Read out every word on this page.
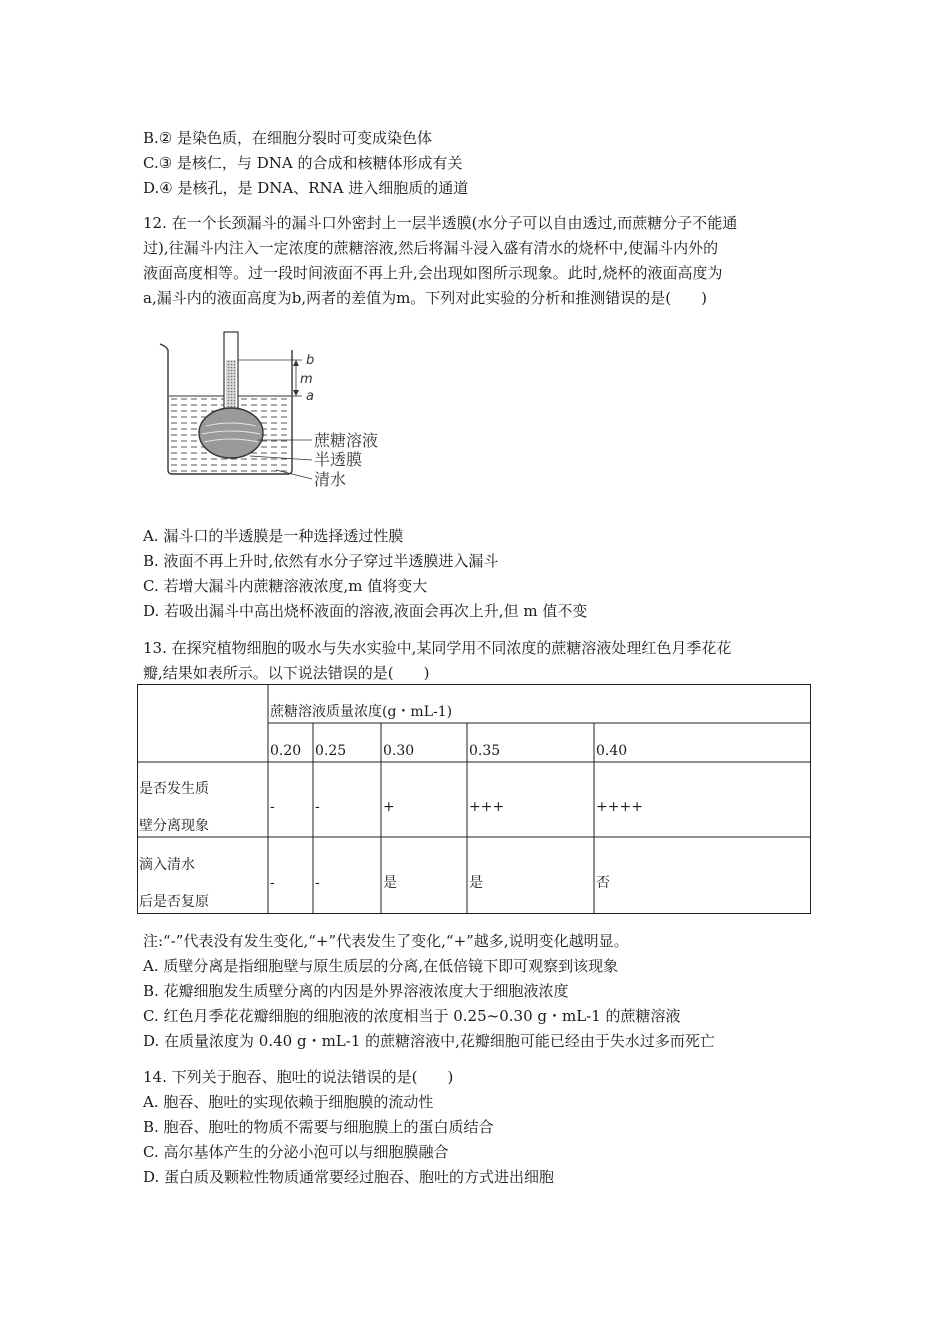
B.② 是染色质，在细胞分裂时可变成染色体
C.③ 是核仁，与 DNA 的合成和核糖体形成有关
D.④ 是核孔，是 DNA、RNA 进入细胞质的通道
12. 在一个长颈漏斗的漏斗口外密封上一层半透膜(水分子可以自由透过,而蔗糖分子不能通
过),往漏斗内注入一定浓度的蔗糖溶液,然后将漏斗浸入盛有清水的烧杯中,使漏斗内外的
液面高度相等。过一段时间液面不再上升,会出现如图所示现象。此时,烧杯的液面高度为
a,漏斗内的液面高度为b,两者的差值为m。下列对此实验的分析和推测错误的是(　　)
b
m
a
蔗糖溶液
半透膜
清水
A. 漏斗口的半透膜是一种选择透过性膜
B. 液面不再上升时,依然有水分子穿过半透膜进入漏斗
C. 若增大漏斗内蔗糖溶液浓度,m 值将变大
D. 若吸出漏斗中高出烧杯液面的溶液,液面会再次上升,但 m 值不变
13. 在探究植物细胞的吸水与失水实验中,某同学用不同浓度的蔗糖溶液处理红色月季花花
瓣,结果如表所示。以下说法错误的是(　　)
蔗糖溶液质量浓度(g・mL-1)
0.20 0.25	0.30	0.35	0.40
是否发生质
壁分离现象
-	-	+	+++	++++
滴入清水
后是否复原
-	-	是	是	否
注:“-”代表没有发生变化,“+”代表发生了变化,“+”越多,说明变化越明显。
A. 质壁分离是指细胞壁与原生质层的分离,在低倍镜下即可观察到该现象
B. 花瓣细胞发生质壁分离的内因是外界溶液浓度大于细胞液浓度
C. 红色月季花花瓣细胞的细胞液的浓度相当于 0.25~0.30 g・mL-1 的蔗糖溶液
D. 在质量浓度为 0.40 g・mL-1 的蔗糖溶液中,花瓣细胞可能已经由于失水过多而死亡
14. 下列关于胞吞、胞吐的说法错误的是(　　)
A. 胞吞、胞吐的实现依赖于细胞膜的流动性
B. 胞吞、胞吐的物质不需要与细胞膜上的蛋白质结合
C. 高尔基体产生的分泌小泡可以与细胞膜融合
D. 蛋白质及颗粒性物质通常要经过胞吞、胞吐的方式进出细胞
